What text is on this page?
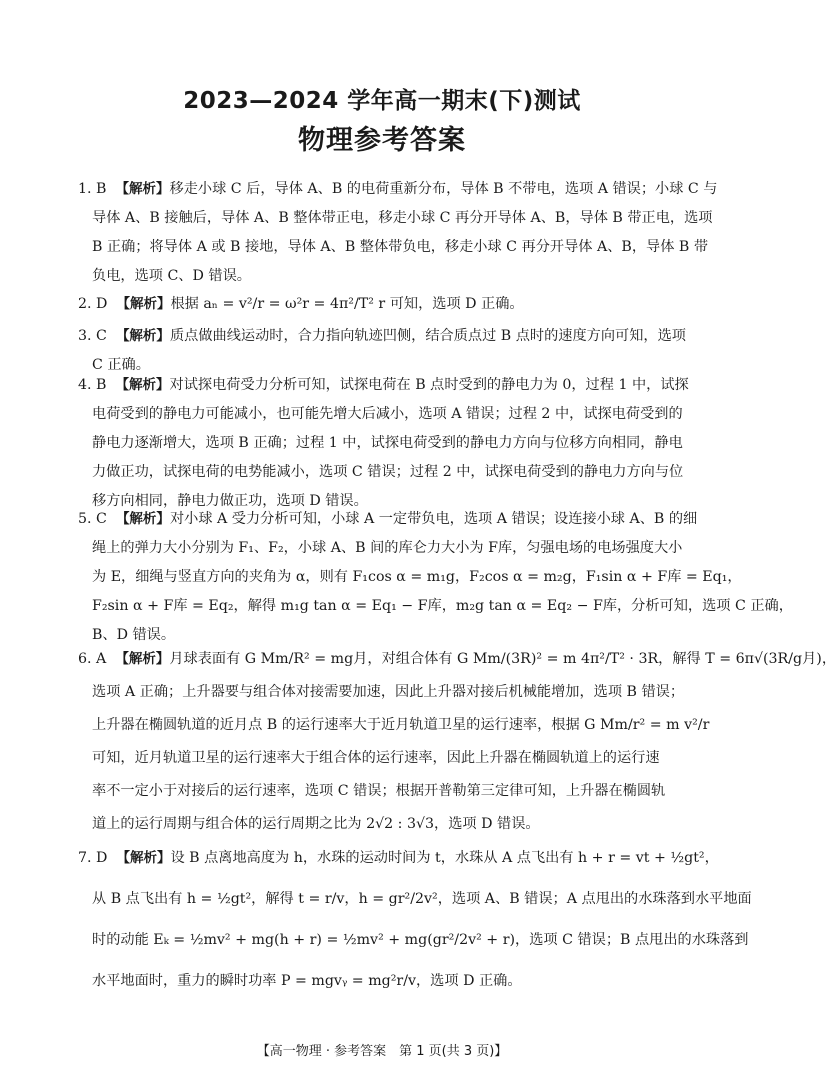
2023—2024 学年高一期末(下)测试
物理参考答案
1. B 【解析】移走小球 C 后，导体 A、B 的电荷重新分布，导体 B 不带电，选项 A 错误；小球 C 与
导体 A、B 接触后，导体 A、B 整体带正电，移走小球 C 再分开导体 A、B，导体 B 带正电，选项
B 正确；将导体 A 或 B 接地，导体 A、B 整体带负电，移走小球 C 再分开导体 A、B，导体 B 带
负电，选项 C、D 错误。
2. D 【解析】根据 aₙ = v²/r = ω²r = 4π²/T² r 可知，选项 D 正确。
3. C 【解析】质点做曲线运动时，合力指向轨迹凹侧，结合质点过 B 点时的速度方向可知，选项
C 正确。
4. B 【解析】对试探电荷受力分析可知，试探电荷在 B 点时受到的静电力为 0，过程 1 中，试探
电荷受到的静电力可能减小，也可能先增大后减小，选项 A 错误；过程 2 中，试探电荷受到的
静电力逐渐增大，选项 B 正确；过程 1 中，试探电荷受到的静电力方向与位移方向相同，静电
力做正功，试探电荷的电势能减小，选项 C 错误；过程 2 中，试探电荷受到的静电力方向与位
移方向相同，静电力做正功，选项 D 错误。
5. C 【解析】对小球 A 受力分析可知，小球 A 一定带负电，选项 A 错误；设连接小球 A、B 的细
绳上的弹力大小分别为 F₁、F₂，小球 A、B 间的库仑力大小为 F库，匀强电场的电场强度大小
为 E，细绳与竖直方向的夹角为 α，则有 F₁cos α = m₁g，F₂cos α = m₂g，F₁sin α + F库 = Eq₁，
F₂sin α + F库 = Eq₂，解得 m₁g tan α = Eq₁ − F库，m₂g tan α = Eq₂ − F库，分析可知，选项 C 正确，
B、D 错误。
6. A 【解析】月球表面有 G Mm/R² = mg月，对组合体有 G Mm/(3R)² = m 4π²/T² · 3R，解得 T = 6π√(3R/g月)，
选项 A 正确；上升器要与组合体对接需要加速，因此上升器对接后机械能增加，选项 B 错误；
上升器在椭圆轨道的近月点 B 的运行速率大于近月轨道卫星的运行速率，根据 G Mm/r² = m v²/r
可知，近月轨道卫星的运行速率大于组合体的运行速率，因此上升器在椭圆轨道上的运行速
率不一定小于对接后的运行速率，选项 C 错误；根据开普勒第三定律可知，上升器在椭圆轨
道上的运行周期与组合体的运行周期之比为 2√2 : 3√3，选项 D 错误。
7. D 【解析】设 B 点离地高度为 h，水珠的运动时间为 t，水珠从 A 点飞出有 h + r = vt + ½gt²，
从 B 点飞出有 h = ½gt²，解得 t = r/v，h = gr²/2v²，选项 A、B 错误；A 点甩出的水珠落到水平地面
时的动能 Eₖ = ½mv² + mg(h + r) = ½mv² + mg(gr²/2v² + r)，选项 C 错误；B 点甩出的水珠落到
水平地面时，重力的瞬时功率 P = mgvᵧ = mg²r/v，选项 D 正确。
【高一物理 · 参考答案　第 1 页(共 3 页)】
